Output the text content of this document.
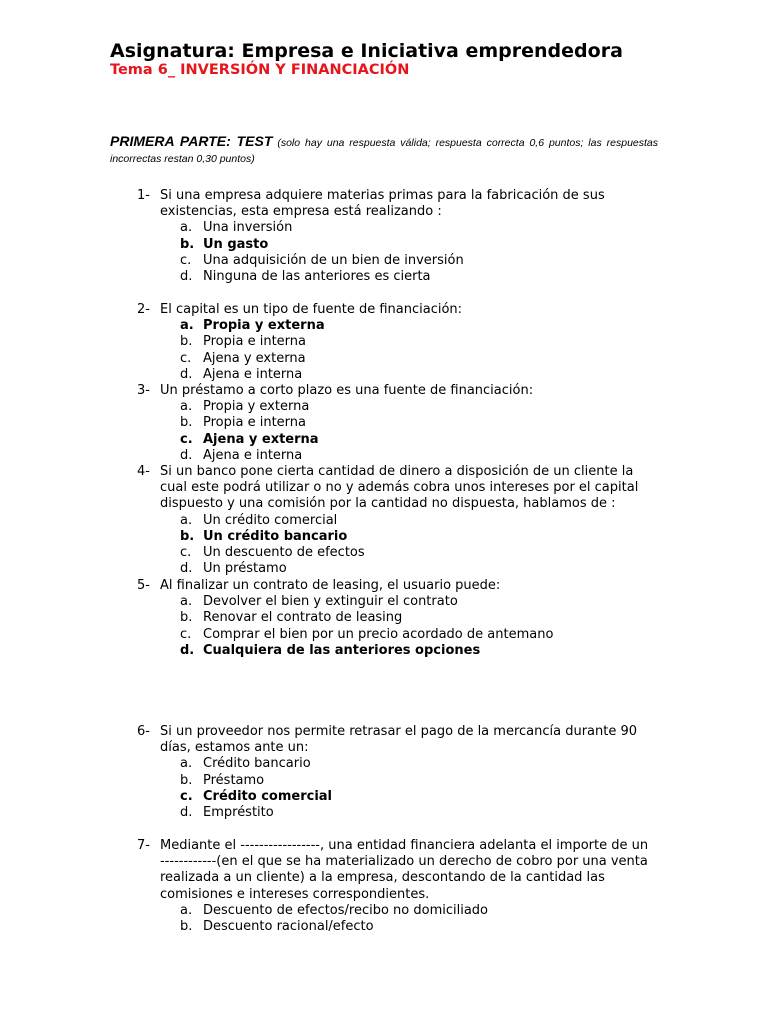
Asignatura: Empresa e Iniciativa emprendedora
Tema 6_ INVERSIÓN Y FINANCIACIÓN
PRIMERA PARTE: TEST (solo hay una respuesta válida; respuesta correcta 0,6 puntos; las respuestas incorrectas restan 0,30 puntos)
1- Si una empresa adquiere materias primas para la fabricación de sus
existencias, esta empresa está realizando :
a. Una inversión
b. Un gasto
c. Una adquisición de un bien de inversión
d. Ninguna de las anteriores es cierta
2- El capital es un tipo de fuente de financiación:
a. Propia y externa
b. Propia e interna
c. Ajena y externa
d. Ajena e interna
3- Un préstamo a corto plazo es una fuente de financiación:
a. Propia y externa
b. Propia e interna
c. Ajena y externa
d. Ajena e interna
4- Si un banco pone cierta cantidad de dinero a disposición de un cliente la
cual este podrá utilizar o no y además cobra unos intereses por el capital
dispuesto y una comisión por la cantidad no dispuesta, hablamos de :
a. Un crédito comercial
b. Un crédito bancario
c. Un descuento de efectos
d. Un préstamo
5- Al finalizar un contrato de leasing, el usuario puede:
a. Devolver el bien y extinguir el contrato
b. Renovar el contrato de leasing
c. Comprar el bien por un precio acordado de antemano
d. Cualquiera de las anteriores opciones
6- Si un proveedor nos permite retrasar el pago de la mercancía durante 90
días, estamos ante un:
a. Crédito bancario
b. Préstamo
c. Crédito comercial
d. Empréstito
7- Mediante el -----------------, una entidad financiera adelanta el importe de un
------------(en el que se ha materializado un derecho de cobro por una venta
realizada a un cliente) a la empresa, descontando de la cantidad las
comisiones e intereses correspondientes.
a. Descuento de efectos/recibo no domiciliado
b. Descuento racional/efecto
